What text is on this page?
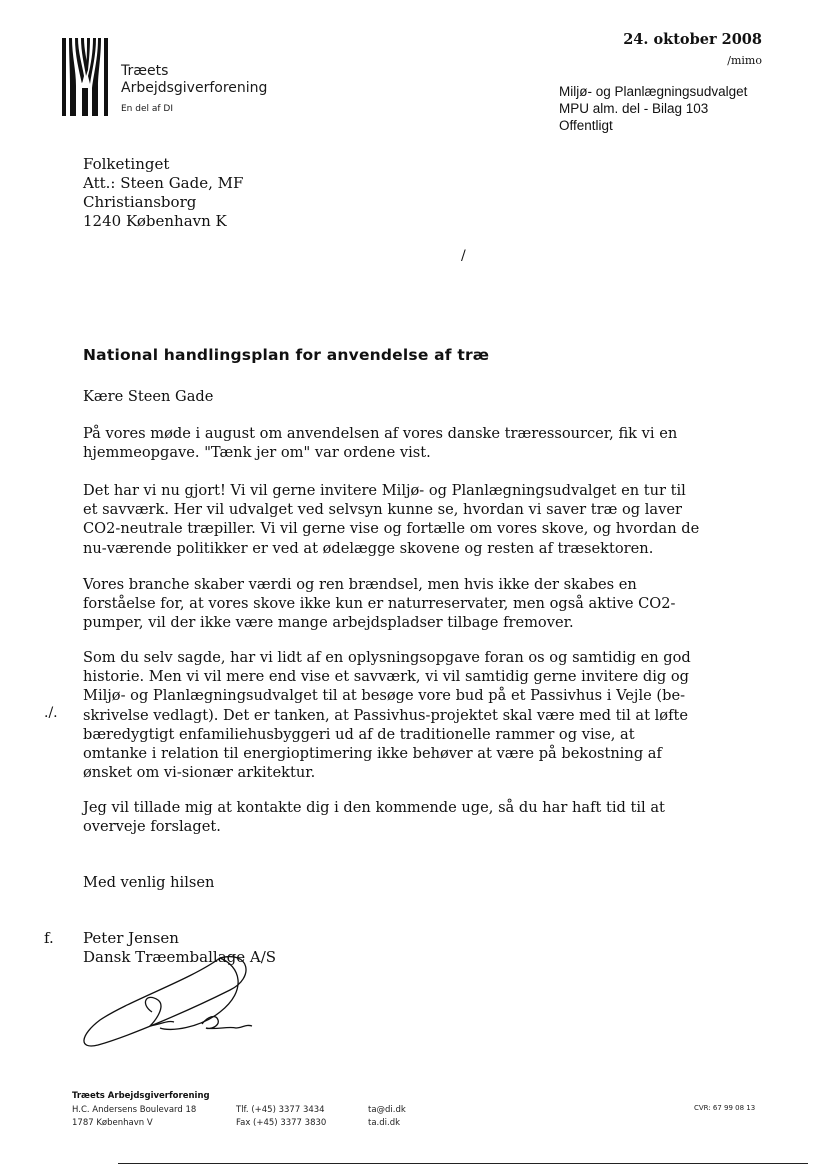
Træets
Arbejdsgiverforening
En del af DI
24. oktober 2008
/mimo
Miljø- og Planlægningsudvalget
MPU alm. del - Bilag 103
Offentligt
Folketinget
Att.: Steen Gade, MF
Christiansborg
1240 København K
/
National handlingsplan for anvendelse af træ
Kære Steen Gade
På vores møde i august om anvendelsen af vores danske træressourcer, fik vi en hjemmeopgave. "Tænk jer om" var ordene vist.
Det har vi nu gjort! Vi vil gerne invitere Miljø- og Planlægningsudvalget en tur til et savværk. Her vil udvalget ved selvsyn kunne se, hvordan vi saver træ og laver CO2-neutrale træpiller. Vi vil gerne vise og fortælle om vores skove, og hvordan de nu-værende politikker er ved at ødelægge skovene og resten af træsektoren.
Vores branche skaber værdi og ren brændsel, men hvis ikke der skabes en forståelse for, at vores skove ikke kun er naturreservater, men også aktive CO2-pumper, vil der ikke være mange arbejdspladser tilbage fremover.
Som du selv sagde, har vi lidt af en oplysningsopgave foran os og samtidig en god historie. Men vi vil mere end vise et savværk, vi vil samtidig gerne invitere dig og Miljø- og Planlægningsudvalget til at besøge vore bud på et Passivhus i Vejle (be-skrivelse vedlagt). Det er tanken, at Passivhus-projektet skal være med til at løfte bæredygtigt enfamiliehusbyggeri ud af de traditionelle rammer og vise, at omtanke i relation til energioptimering ikke behøver at være på bekostning af ønsket om vi-sionær arkitektur.
./.
Jeg vil tillade mig at kontakte dig i den kommende uge, så du har haft tid til at overveje forslaget.
Med venlig hilsen
f. Peter Jensen
Dansk Træemballage A/S
Træets Arbejdsgiverforening
H.C. Andersens Boulevard 18
1787 København V
Tlf. (+45) 3377 3434
Fax (+45) 3377 3830
ta@di.dk
ta.di.dk
CVR: 67 99 08 13
